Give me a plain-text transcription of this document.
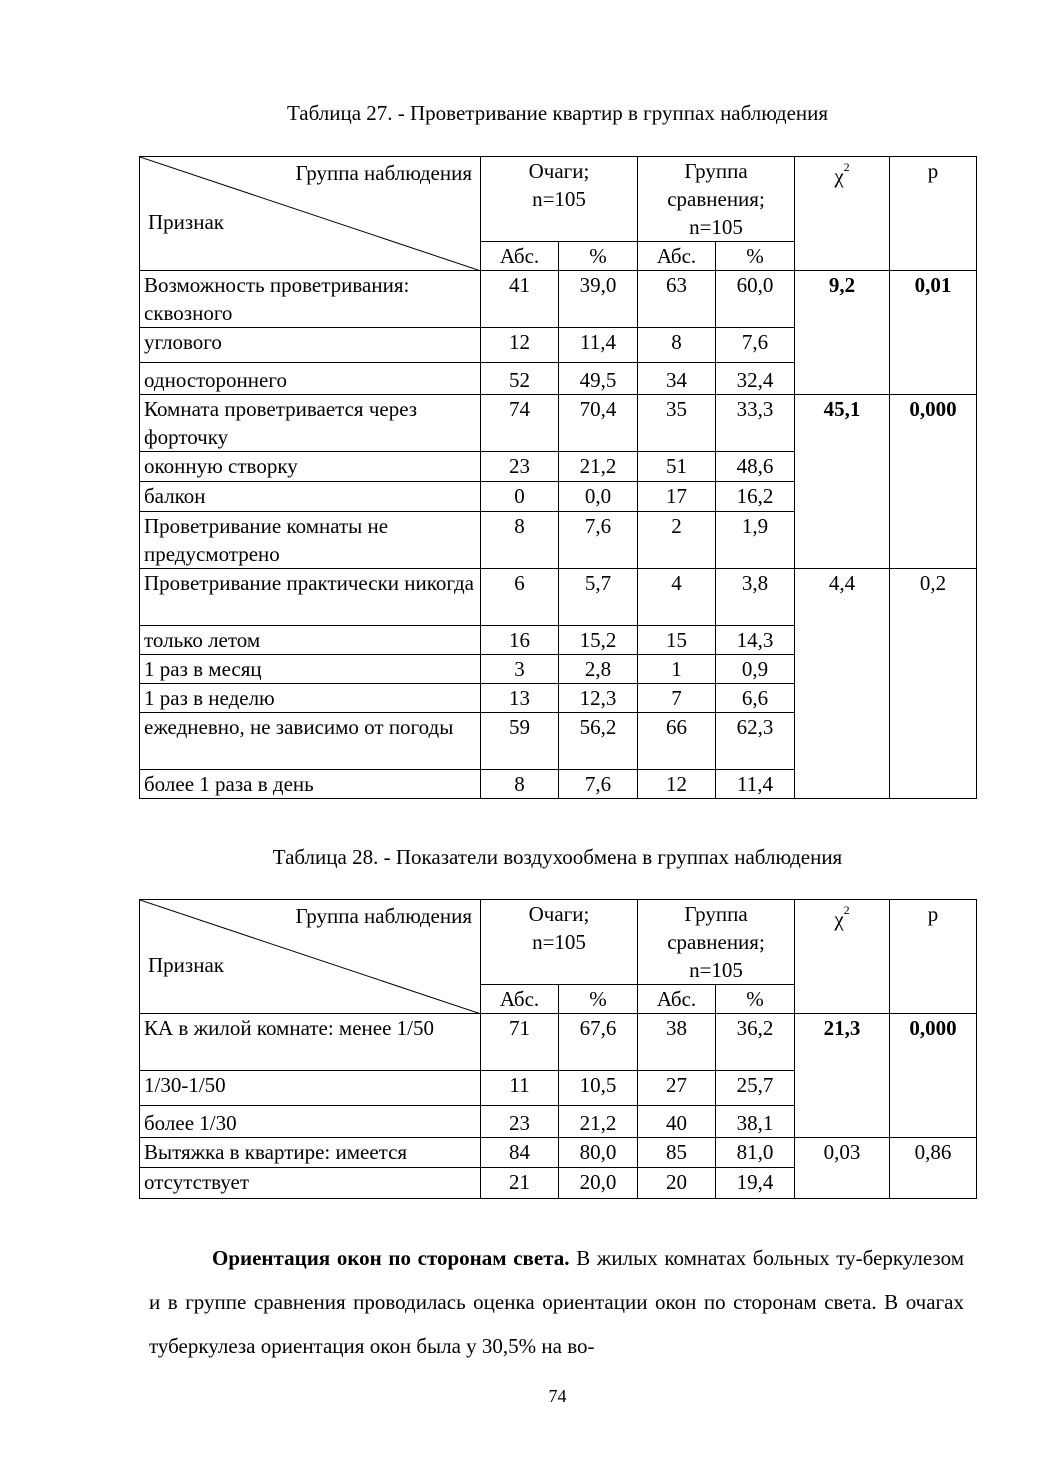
Таблица 27. - Проветривание квартир в группах наблюдения
Группа наблюдения
Признак	Очаги; n=105		Группа сравнения; n=105		$\chi^2$	р
	Абс.	%	Абс.	%		
Возможность проветривания: сквозного	41	39,0	63	60,0	9,2	0,01
углового	12	11,4	8	7,6		
одностороннего	52	49,5	34	32,4		
Комната проветривается через форточку	74	70,4	35	33,3	45,1	0,000
оконную створку	23	21,2	51	48,6		
балкон	0	0,0	17	16,2		
Проветривание комнаты не предусмотрено	8	7,6	2	1,9		
Проветривание практически никогда	6	5,7	4	3,8	4,4	0,2
только летом	16	15,2	15	14,3		
1 раз в месяц	3	2,8	1	0,9		
1 раз в неделю	13	12,3	7	6,6		
ежедневно, не зависимо от погоды	59	56,2	66	62,3		
более 1 раза в день	8	7,6	12	11,4		
Таблица 28. - Показатели воздухообмена в группах наблюдения
Группа наблюдения
Признак	Очаги; n=105		Группа сравнения; n=105		$\chi^2$	р
	Абс.	%	Абс.	%		
КА в жилой комнате: менее 1/50	71	67,6	38	36,2	21,3	0,000
1/30-1/50	11	10,5	27	25,7		
более 1/30	23	21,2	40	38,1		
Вытяжка в квартире: имеется	84	80,0	85	81,0	0,03	0,86
отсутствует	21	20,0	20	19,4		
Ориентация окон по сторонам света. В жилых комнатах больных ту-беркулезом и в группе сравнения проводилась оценка ориентации окон по сторонам света. В очагах туберкулеза ориентация окон была у 30,5% на во-
74
